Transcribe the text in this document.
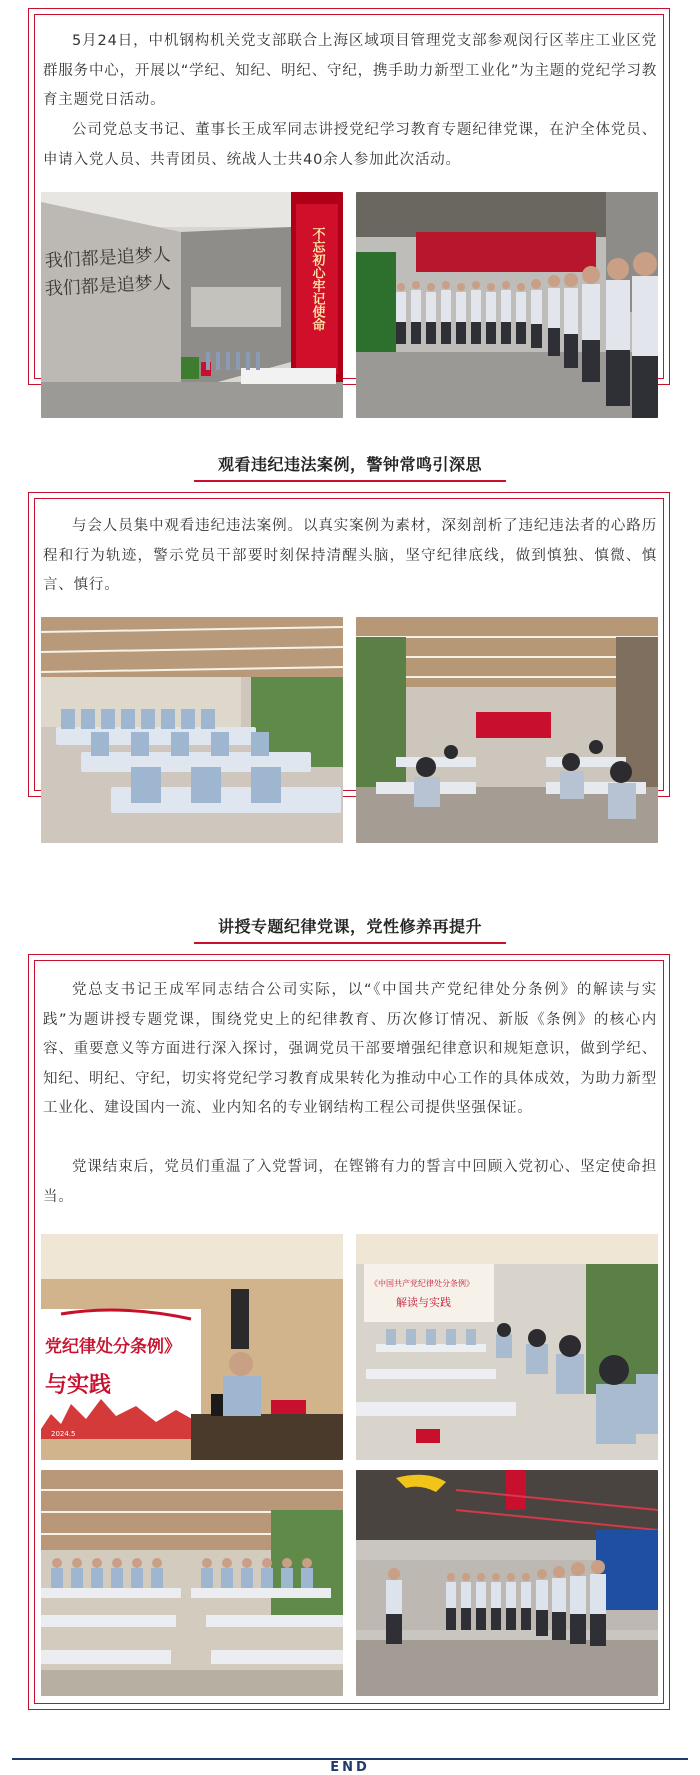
5月24日，中机钢构机关党支部联合上海区域项目管理党支部参观闵行区莘庄工业区党群服务中心，开展以“学纪、知纪、明纪、守纪，携手助力新型工业化”为主题的党纪学习教育主题党日活动。

公司党总支书记、董事长王成军同志讲授党纪学习教育专题纪律党课，在沪全体党员、申请入党人员、共青团员、统战人士共40余人参加此次活动。

我们都是追梦人
我们都是追梦人	不忘初心牢记使命
观看违纪违法案例，警钟常鸣引深思

与会人员集中观看违纪违法案例。以真实案例为素材，深刻剖析了违纪违法者的心路历程和行为轨迹，警示党员干部要时刻保持清醒头脑，坚守纪律底线，做到慎独、慎微、慎言、慎行。

讲授专题纪律党课，党性修养再提升

党总支书记王成军同志结合公司实际，以“《中国共产党纪律处分条例》的解读与实践”为题讲授专题党课，围绕党史上的纪律教育、历次修订情况、新版《条例》的核心内容、重要意义等方面进行深入探讨，强调党员干部要增强纪律意识和规矩意识，做到学纪、知纪、明纪、守纪，切实将党纪学习教育成果转化为推动中心工作的具体成效，为助力新型工业化、建设国内一流、业内知名的专业钢结构工程公司提供坚强保证。

党课结束后，党员们重温了入党誓词，在铿锵有力的誓言中回顾入党初心、坚定使命担当。

党纪律处分条例》
与实践
2024.5
《中国共产党纪律处分条例》
解读与实践
END
